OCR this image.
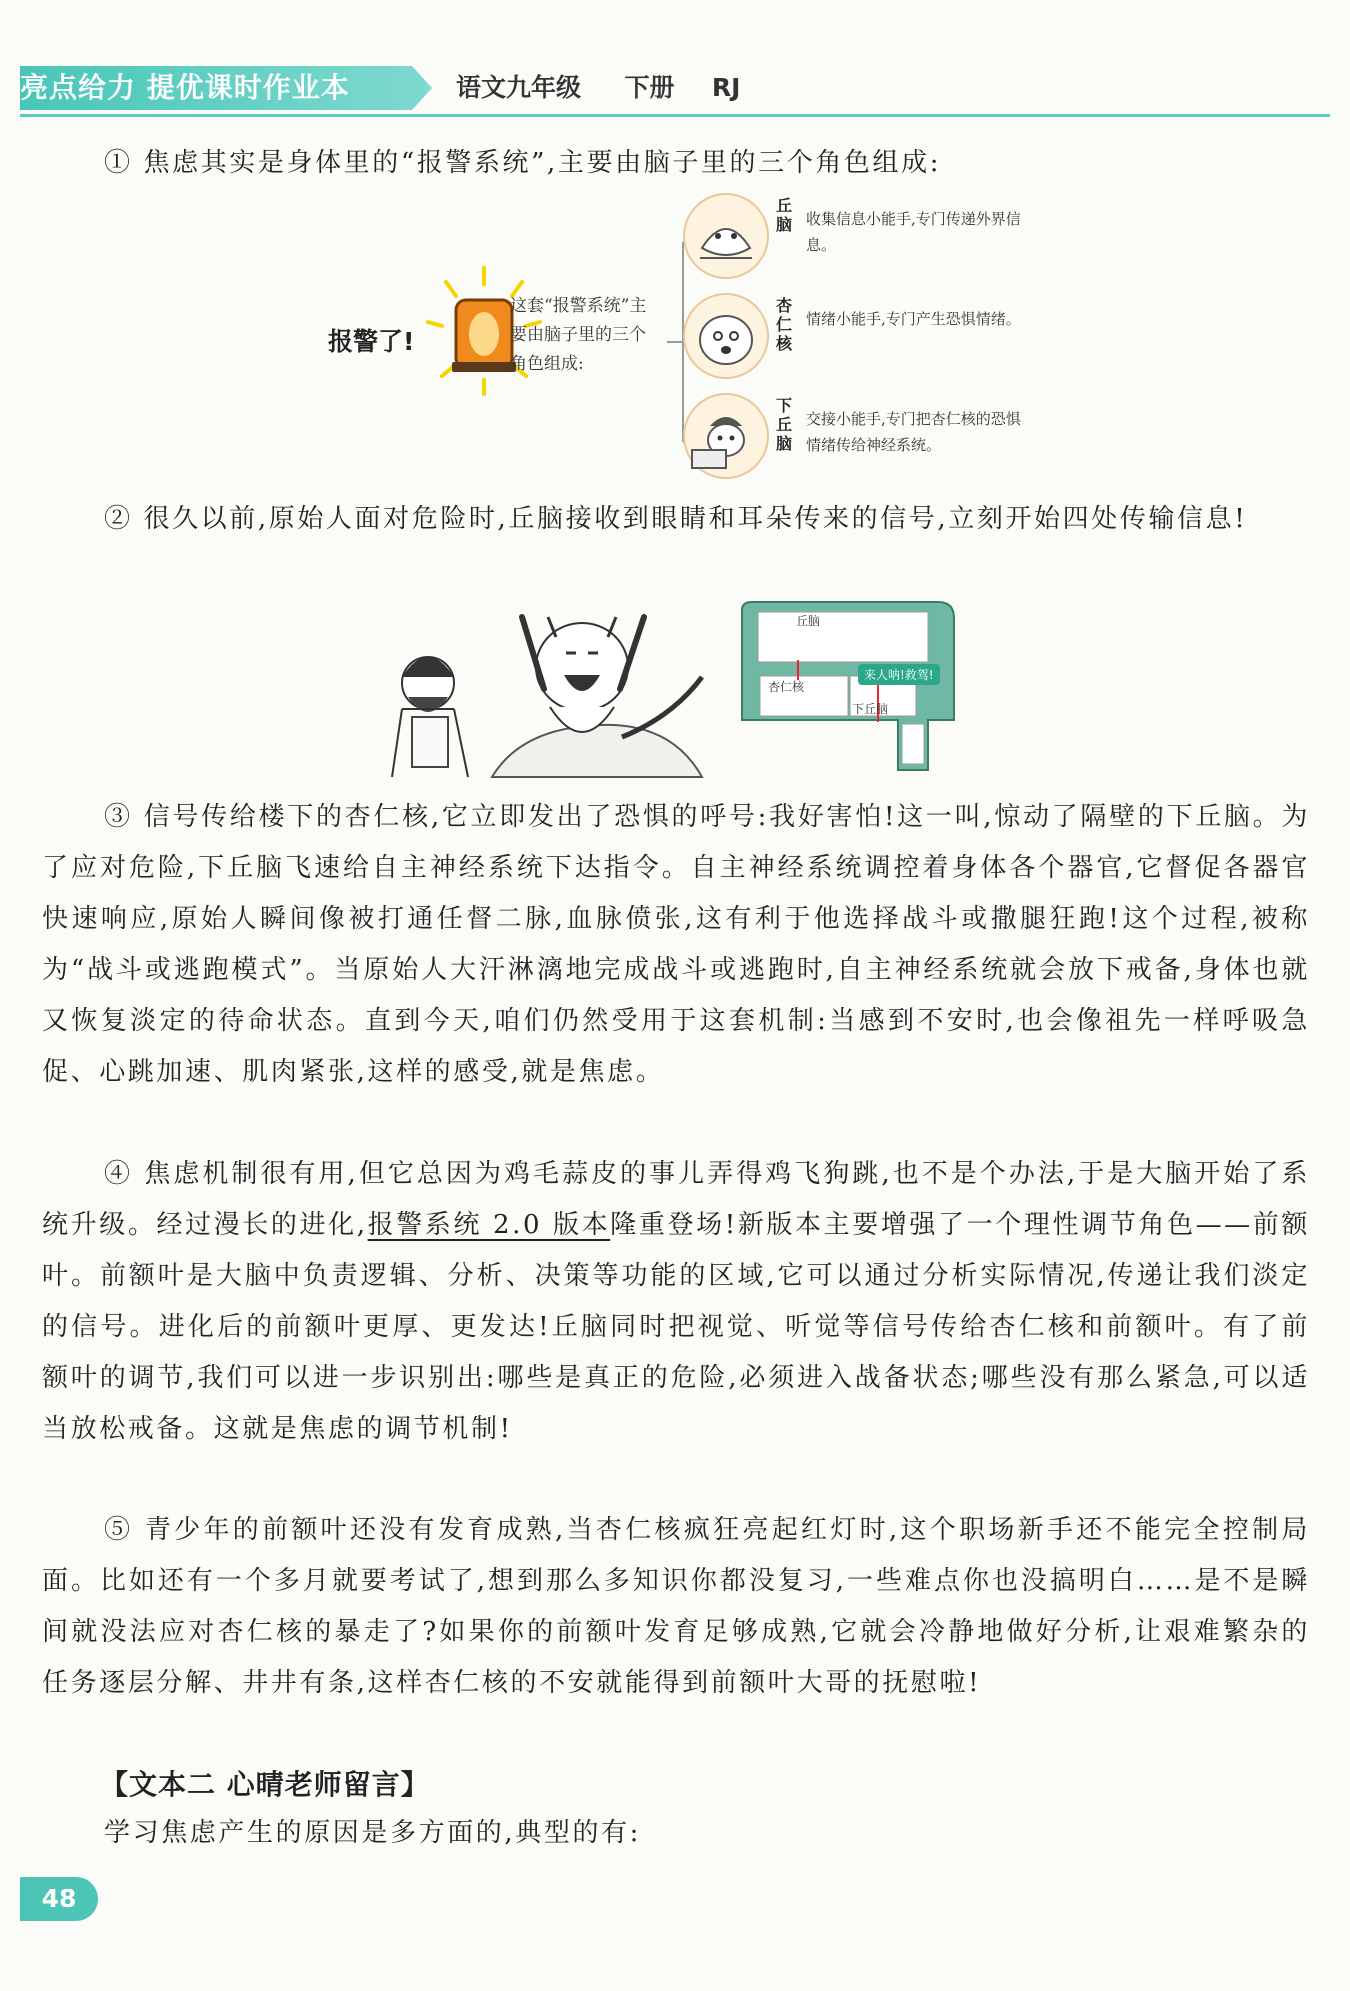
亮点给力 提优课时作业本	语文九年级 下册 RJ

① 焦虑其实是身体里的“报警系统”,主要由脑子里的三个角色组成:

报警了!
这套“报警系统”主要由脑子里的三个角色组成:
丘脑 收集信息小能手,专门传递外界信息。
杏仁核
情绪小能手,专门产生恐惧情绪。
下丘脑
交接小能手,专门把杏仁核的恐惧情绪传给神经系统。

② 很久以前,原始人面对危险时,丘脑接收到眼睛和耳朵传来的信号,立刻开始四处传输信息!

丘脑
杏仁核
下丘脑
来人呐!救驾!

③ 信号传给楼下的杏仁核,它立即发出了恐惧的呼号:我好害怕!这一叫,惊动了隔壁的下丘脑。为了应对危险,下丘脑飞速给自主神经系统下达指令。自主神经系统调控着身体各个器官,它督促各器官快速响应,原始人瞬间像被打通任督二脉,血脉偾张,这有利于他选择战斗或撒腿狂跑!这个过程,被称为“战斗或逃跑模式”。当原始人大汗淋漓地完成战斗或逃跑时,自主神经系统就会放下戒备,身体也就又恢复淡定的待命状态。直到今天,咱们仍然受用于这套机制:当感到不安时,也会像祖先一样呼吸急促、心跳加速、肌肉紧张,这样的感受,就是焦虑。

④ 焦虑机制很有用,但它总因为鸡毛蒜皮的事儿弄得鸡飞狗跳,也不是个办法,于是大脑开始了系统升级。经过漫长的进化,报警系统 2.0 版本隆重登场!新版本主要增强了一个理性调节角色——前额叶。前额叶是大脑中负责逻辑、分析、决策等功能的区域,它可以通过分析实际情况,传递让我们淡定的信号。进化后的前额叶更厚、更发达!丘脑同时把视觉、听觉等信号传给杏仁核和前额叶。有了前额叶的调节,我们可以进一步识别出:哪些是真正的危险,必须进入战备状态;哪些没有那么紧急,可以适当放松戒备。这就是焦虑的调节机制!

⑤ 青少年的前额叶还没有发育成熟,当杏仁核疯狂亮起红灯时,这个职场新手还不能完全控制局面。比如还有一个多月就要考试了,想到那么多知识你都没复习,一些难点你也没搞明白……是不是瞬间就没法应对杏仁核的暴走了?如果你的前额叶发育足够成熟,它就会冷静地做好分析,让艰难繁杂的任务逐层分解、井井有条,这样杏仁核的不安就能得到前额叶大哥的抚慰啦!

【文本二 心晴老师留言】

学习焦虑产生的原因是多方面的,典型的有:

48
